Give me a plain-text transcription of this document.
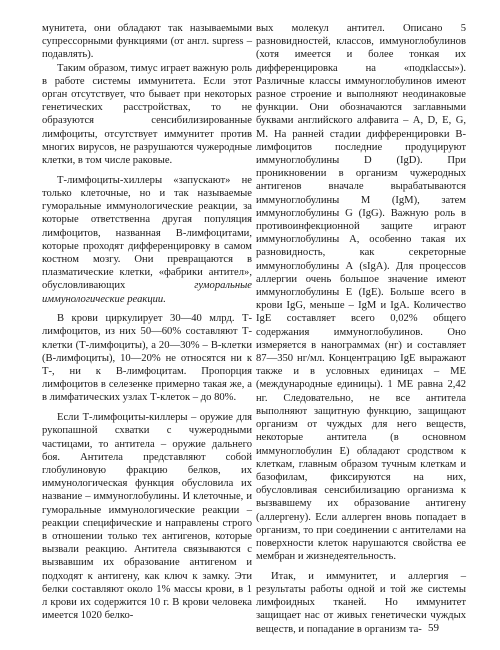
мунитета, они обладают так называемыми супрессорными функциями (от англ. supress – подавлять).

Таким образом, тимус играет важную роль в работе системы иммунитета. Если этот орган отсутствует, что бывает при некоторых генетических расстройствах, то не образуются сенсибилизированные лимфоциты, отсутствует иммунитет против многих вирусов, не разрушаются чужеродные клетки, в том числе раковые.

Т-лимфоциты-хиллеры «запускают» не только клеточные, но и так называемые гуморальные иммунологические реакции, за которые ответственна другая популяция лимфоцитов, названная В-лимфоцитами, которые проходят дифференцировку в самом костном мозгу. Они превращаются в плазматические клетки, «фабрики антител», обусловливающих гуморальные иммунологические реакции.

В крови циркулирует 30—40 млрд. Т-лимфоцитов, из них 50—60% составляют Т-клетки (Т-лимфоциты), а 20—30% – В-клетки (В-лимфоциты), 10—20% не относятся ни к Т-, ни к В-лимфоцитам. Пропорция лимфоцитов в селезенке примерно такая же, а в лимфатических узлах Т-клеток – до 80%.

Если Т-лимфоциты-киллеры – оружие для рукопашной схватки с чужеродными частицами, то антитела – оружие дальнего боя. Антитела представляют собой глобулиновую фракцию белков, их иммунологическая функция обусловила их название – иммуноглобулины. И клеточные, и гуморальные иммунологические реакции – реакции специфические и направлены строго в отношении только тех антигенов, которые вызвали реакцию. Антитела связываются с вызвавшим их образование антигеном и подходят к антигену, как ключ к замку. Эти белки составляют около 1% массы крови, в 1 л крови их содержится 10 г. В крови человека имеется 1020 белко-

вых молекул антител. Описано 5 разновидностей, классов, иммуноглобулинов (хотя имеется и более тонкая их дифференцировка на «подкlaссы»). Различные классы иммуноглобулинов имеют разное строение и выполняют неодинаковые функции. Они обозначаются заглавными буквами английского алфавита – А, D, Е, G, М. На ранней стадии дифференцировки В-лимфоцитов последние продуцируют иммуноглобулины D (IgD). При проникновении в организм чужеродных антигенов вначале вырабатываются иммуноглобулины М (IgM), затем иммуноглобулины G (IgG). Важную роль в противоинфекционной защите играют иммуноглобулины А, особенно такая их разновидность, как секреторные иммуноглобулины А (sIgA). Для процессов аллергии очень большое значение имеют иммуноглобулины Е (IgE). Больше всего в крови IgG, меньше – IgM и IgA. Количество IgE составляет всего 0,02% общего содержания иммуноглобулинов. Оно измеряется в нанограммах (нг) и составляет 87—350 нг/мл. Концентрацию IgE выражают также и в условных единицах – МЕ (международные единицы). 1 МЕ равна 2,42 нг. Следовательно, не все антитела выполняют защитную функцию, защищают организм от чуждых для него веществ, некоторые антитела (в основном иммуноглобулин Е) обладают сродством к клеткам, главным образом тучным клеткам и базофилам, фиксируются на них, обусловливая сенсибилизацию организма к вызвавшему их образование антигену (аллергену). Если аллерген вновь попадает в организм, то при соединении с антителами на поверхности клеток нарушаются свойства ее мембран и жизнедеятельность.

Итак, и иммунитет, и аллергия – результаты работы одной и той же системы лимфоидных тканей. Но иммунитет защищает нас от живых генетически чуждых веществ, и попадание в организм та- 59
